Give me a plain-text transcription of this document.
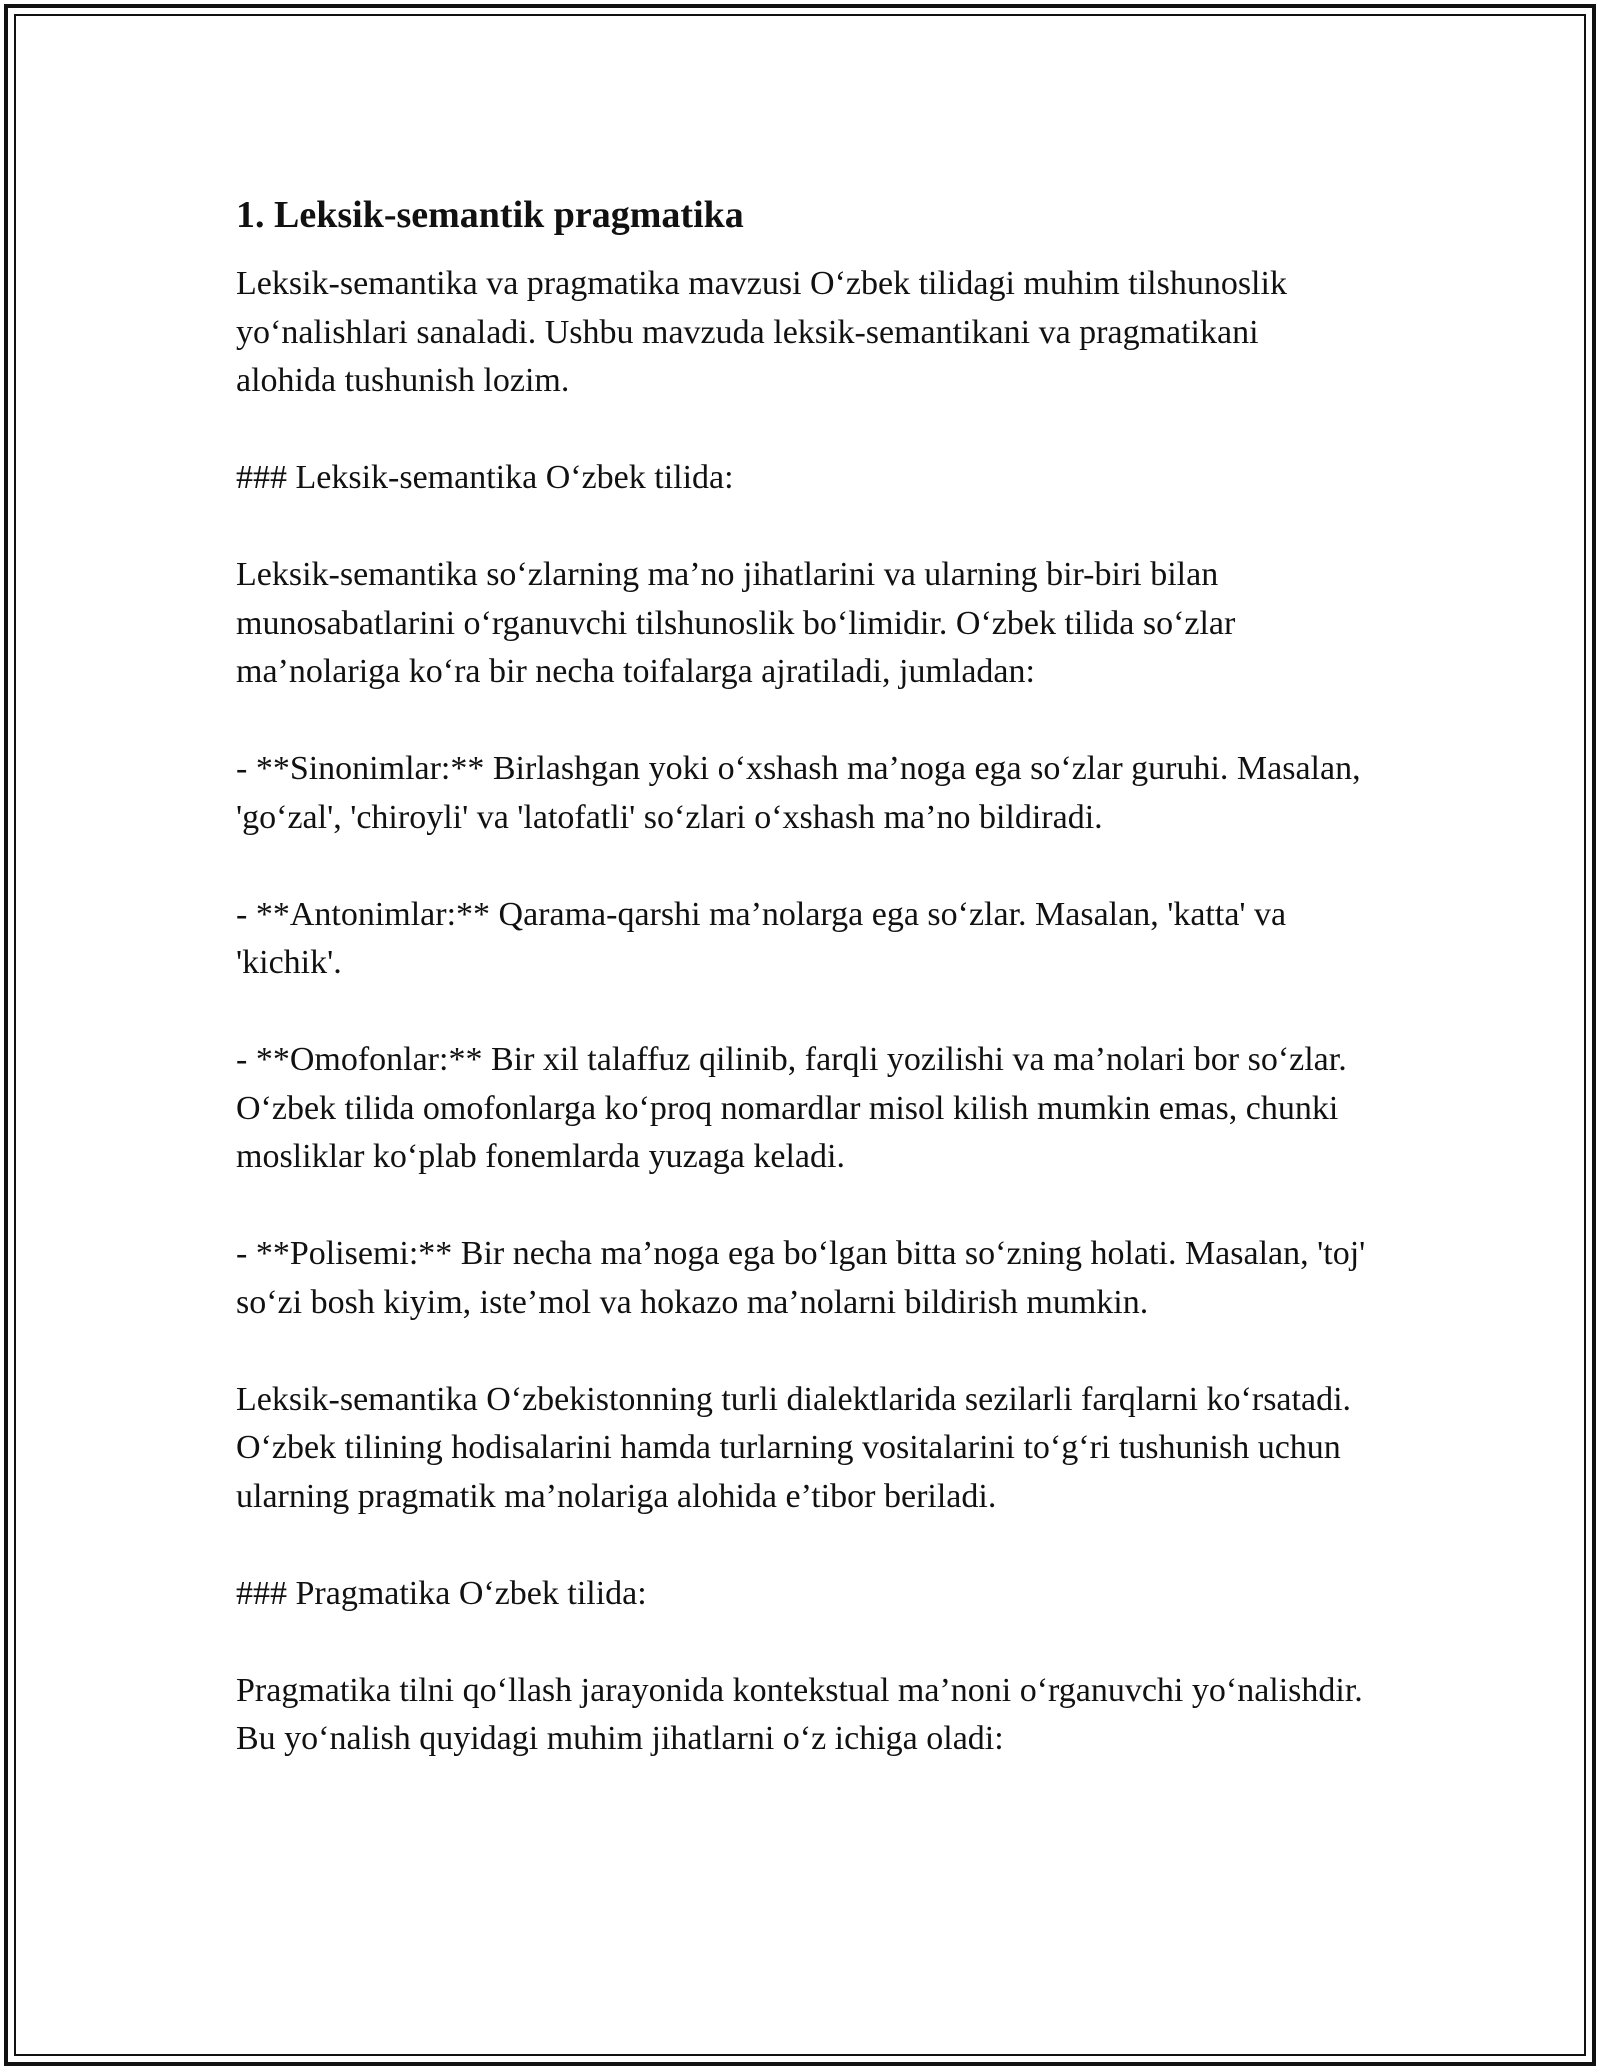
1. Leksik-semantik pragmatika

Leksik-semantika va pragmatika mavzusi O‘zbek tilidagi muhim tilshunoslik yo‘nalishlari sanaladi. Ushbu mavzuda leksik-semantikani va pragmatikani alohida tushunish lozim.

### Leksik-semantika O‘zbek tilida:

Leksik-semantika so‘zlarning ma’no jihatlarini va ularning bir-biri bilan munosabatlarini o‘rganuvchi tilshunoslik bo‘limidir. O‘zbek tilida so‘zlar ma’nolariga ko‘ra bir necha toifalarga ajratiladi, jumladan:

- **Sinonimlar:** Birlashgan yoki o‘xshash ma’noga ega so‘zlar guruhi. Masalan, 'go‘zal', 'chiroyli' va 'latofatli' so‘zlari o‘xshash ma’no bildiradi.

- **Antonimlar:** Qarama-qarshi ma’nolarga ega so‘zlar. Masalan, 'katta' va 'kichik'.

- **Omofonlar:** Bir xil talaffuz qilinib, farqli yozilishi va ma’nolari bor so‘zlar. O‘zbek tilida omofonlarga ko‘proq nomardlar misol kilish mumkin emas, chunki mosliklar ko‘plab fonemlarda yuzaga keladi.

- **Polisemi:** Bir necha ma’noga ega bo‘lgan bitta so‘zning holati. Masalan, 'toj' so‘zi bosh kiyim, iste’mol va hokazo ma’nolarni bildirish mumkin.

Leksik-semantika O‘zbekistonning turli dialektlarida sezilarli farqlarni ko‘rsatadi. O‘zbek tilining hodisalarini hamda turlarning vositalarini to‘g‘ri tushunish uchun ularning pragmatik ma’nolariga alohida e’tibor beriladi.

### Pragmatika O‘zbek tilida:

Pragmatika tilni qo‘llash jarayonida kontekstual ma’noni o‘rganuvchi yo‘nalishdir. Bu yo‘nalish quyidagi muhim jihatlarni o‘z ichiga oladi:
